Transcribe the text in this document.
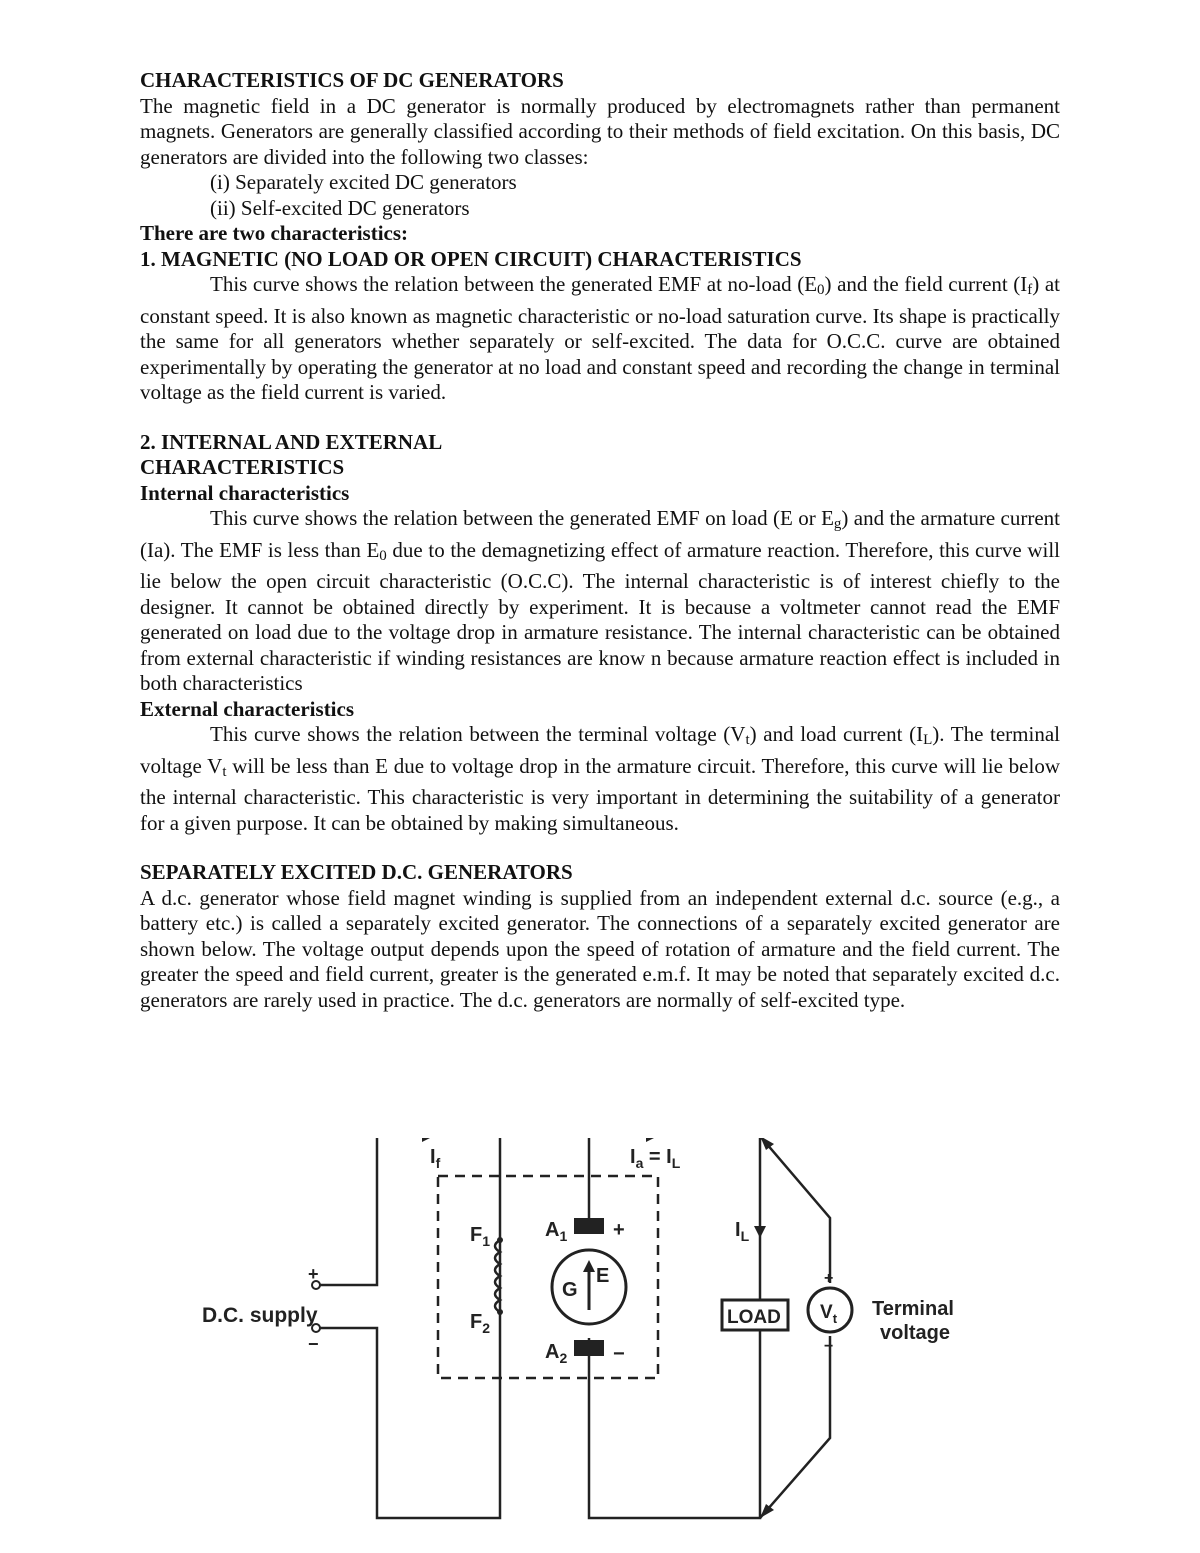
CHARACTERISTICS OF DC GENERATORS

The magnetic field in a DC generator is normally produced by electromagnets rather than permanent magnets. Generators are generally classified according to their methods of field excitation. On this basis, DC generators are divided into the following two classes:

(i) Separately excited DC generators

(ii) Self-excited DC generators

There are two characteristics:

1. MAGNETIC (NO LOAD OR OPEN CIRCUIT) CHARACTERISTICS

This curve shows the relation between the generated EMF at no-load $(E_0)$ and the field current $(I_f)$ at constant speed. It is also known as magnetic characteristic or no-load saturation curve. Its shape is practically the same for all generators whether separately or self-excited. The data for O.C.C. curve are obtained experimentally by operating the generator at no load and constant speed and recording the change in terminal voltage as the field current is varied.

2. INTERNAL AND EXTERNAL

CHARACTERISTICS

Internal characteristics

This curve shows the relation between the generated EMF on load (E or $E_g$) and the armature current (Ia). The EMF is less than $E_0$ due to the demagnetizing effect of armature reaction. Therefore, this curve will lie below the open circuit characteristic (O.C.C). The internal characteristic is of interest chiefly to the designer. It cannot be obtained directly by experiment. It is because a voltmeter cannot read the EMF generated on load due to the voltage drop in armature resistance. The internal characteristic can be obtained from external characteristic if winding resistances are know n because armature reaction effect is included in both characteristics

External characteristics

This curve shows the relation between the terminal voltage $(V_t)$ and load current $(I_L)$. The terminal voltage $V_t$ will be less than E due to voltage drop in the armature circuit. Therefore, this curve will lie below the internal characteristic. This characteristic is very important in determining the suitability of a generator for a given purpose. It can be obtained by making simultaneous.

SEPARATELY EXCITED D.C. GENERATORS

A d.c. generator whose field magnet winding is supplied from an independent external d.c. source (e.g., a battery etc.) is called a separately excited generator. The connections of a separately excited generator are shown below. The voltage output depends upon the speed of rotation of armature and the field current. The greater the speed and field current, greater is the generated e.m.f. It may be noted that separately excited d.c. generators are rarely used in practice. The d.c. generators are normally of self-excited type.

$I_f$	$I_a = I_L$
$I_L$
$F_1$
$F_2$
$A_1$
$A_2$
G
E
+
−
D.C. supply
+
−
LOAD $V_t$
+
−
Terminal
voltage
